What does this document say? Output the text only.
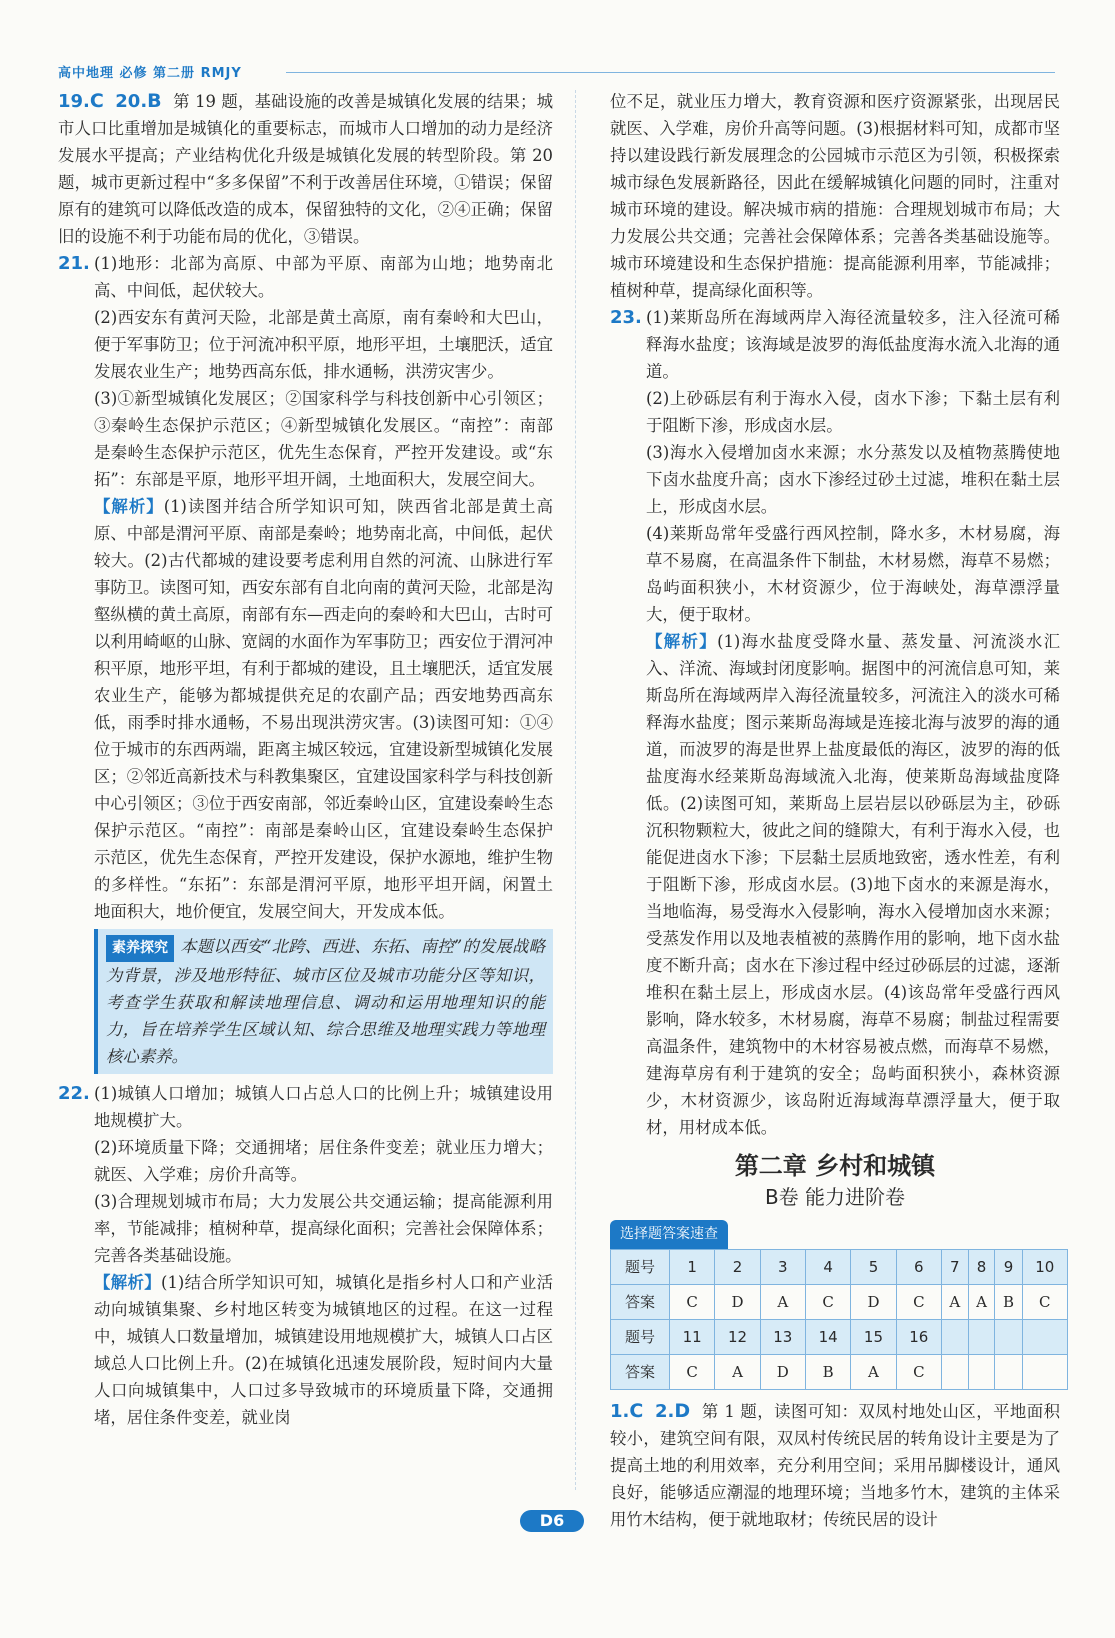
高中地理 必修 第二册 RMJY

19.C 20.B 第 19 题，基础设施的改善是城镇化发展的结果；城市人口比重增加是城镇化的重要标志，而城市人口增加的动力是经济发展水平提高；产业结构优化升级是城镇化发展的转型阶段。第 20 题，城市更新过程中“多多保留”不利于改善居住环境，①错误；保留原有的建筑可以降低改造的成本，保留独特的文化，②④正确；保留旧的设施不利于功能布局的优化，③错误。

21. (1)地形：北部为高原、中部为平原、南部为山地；地势南北高、中间低，起伏较大。

(2)西安东有黄河天险，北部是黄土高原，南有秦岭和大巴山，便于军事防卫；位于河流冲积平原，地形平坦，土壤肥沃，适宜发展农业生产；地势西高东低，排水通畅，洪涝灾害少。

(3)①新型城镇化发展区；②国家科学与科技创新中心引领区；③秦岭生态保护示范区；④新型城镇化发展区。“南控”：南部是秦岭生态保护示范区，优先生态保育，严控开发建设。或“东拓”：东部是平原，地形平坦开阔，土地面积大，发展空间大。

【解析】(1)读图并结合所学知识可知，陕西省北部是黄土高原、中部是渭河平原、南部是秦岭；地势南北高，中间低，起伏较大。(2)古代都城的建设要考虑利用自然的河流、山脉进行军事防卫。读图可知，西安东部有自北向南的黄河天险，北部是沟壑纵横的黄土高原，南部有东—西走向的秦岭和大巴山，古时可以利用崎岖的山脉、宽阔的水面作为军事防卫；西安位于渭河冲积平原，地形平坦，有利于都城的建设，且土壤肥沃，适宜发展农业生产，能够为都城提供充足的农副产品；西安地势西高东低，雨季时排水通畅，不易出现洪涝灾害。(3)读图可知：①④位于城市的东西两端，距离主城区较远，宜建设新型城镇化发展区；②邻近高新技术与科教集聚区，宜建设国家科学与科技创新中心引领区；③位于西安南部，邻近秦岭山区，宜建设秦岭生态保护示范区。“南控”：南部是秦岭山区，宜建设秦岭生态保护示范区，优先生态保育，严控开发建设，保护水源地，维护生物的多样性。“东拓”：东部是渭河平原，地形平坦开阔，闲置土地面积大，地价便宜，发展空间大，开发成本低。

素养探究 本题以西安“北跨、西进、东拓、南控”的发展战略为背景，涉及地形特征、城市区位及城市功能分区等知识，考查学生获取和解读地理信息、调动和运用地理知识的能力，旨在培养学生区域认知、综合思维及地理实践力等地理核心素养。
22. (1)城镇人口增加；城镇人口占总人口的比例上升；城镇建设用地规模扩大。

(2)环境质量下降；交通拥堵；居住条件变差；就业压力增大；就医、入学难；房价升高等。

(3)合理规划城市布局；大力发展公共交通运输；提高能源利用率，节能减排；植树种草，提高绿化面积；完善社会保障体系；完善各类基础设施。

【解析】(1)结合所学知识可知，城镇化是指乡村人口和产业活动向城镇集聚、乡村地区转变为城镇地区的过程。在这一过程中，城镇人口数量增加，城镇建设用地规模扩大，城镇人口占区域总人口比例上升。(2)在城镇化迅速发展阶段，短时间内大量人口向城镇集中，人口过多导致城市的环境质量下降，交通拥堵，居住条件变差，就业岗

位不足，就业压力增大，教育资源和医疗资源紧张，出现居民就医、入学难，房价升高等问题。(3)根据材料可知，成都市坚持以建设践行新发展理念的公园城市示范区为引领，积极探索城市绿色发展新路径，因此在缓解城镇化问题的同时，注重对城市环境的建设。解决城市病的措施：合理规划城市布局；大力发展公共交通；完善社会保障体系；完善各类基础设施等。城市环境建设和生态保护措施：提高能源利用率，节能减排；植树种草，提高绿化面积等。

23. (1)莱斯岛所在海域两岸入海径流量较多，注入径流可稀释海水盐度；该海域是波罗的海低盐度海水流入北海的通道。

(2)上砂砾层有利于海水入侵，卤水下渗；下黏土层有利于阻断下渗，形成卤水层。

(3)海水入侵增加卤水来源；水分蒸发以及植物蒸腾使地下卤水盐度升高；卤水下渗经过砂土过滤，堆积在黏土层上，形成卤水层。

(4)莱斯岛常年受盛行西风控制，降水多，木材易腐，海草不易腐，在高温条件下制盐，木材易燃，海草不易燃；岛屿面积狭小，木材资源少，位于海峡处，海草漂浮量大，便于取材。

【解析】(1)海水盐度受降水量、蒸发量、河流淡水汇入、洋流、海域封闭度影响。据图中的河流信息可知，莱斯岛所在海域两岸入海径流量较多，河流注入的淡水可稀释海水盐度；图示莱斯岛海域是连接北海与波罗的海的通道，而波罗的海是世界上盐度最低的海区，波罗的海的低盐度海水经莱斯岛海域流入北海，使莱斯岛海域盐度降低。(2)读图可知，莱斯岛上层岩层以砂砾层为主，砂砾沉积物颗粒大，彼此之间的缝隙大，有利于海水入侵，也能促进卤水下渗；下层黏土层质地致密，透水性差，有利于阻断下渗，形成卤水层。(3)地下卤水的来源是海水，当地临海，易受海水入侵影响，海水入侵增加卤水来源；受蒸发作用以及地表植被的蒸腾作用的影响，地下卤水盐度不断升高；卤水在下渗过程中经过砂砾层的过滤，逐渐堆积在黏土层上，形成卤水层。(4)该岛常年受盛行西风影响，降水较多，木材易腐，海草不易腐；制盐过程需要高温条件，建筑物中的木材容易被点燃，而海草不易燃，建海草房有利于建筑的安全；岛屿面积狭小，森林资源少，木材资源少，该岛附近海域海草漂浮量大，便于取材，用材成本低。

第二章 乡村和城镇
B卷 能力进阶卷
选择题答案速查
题号	1	2	3	4	5	6	7	8	9	10
答案	C	D	A	C	D	C	A	A	B	C
题号	11	12	13	14	15	16				
答案	C	A	D	B	A	C				

1.C 2.D 第 1 题，读图可知：双凤村地处山区，平地面积较小，建筑空间有限，双凤村传统民居的转角设计主要是为了提高土地的利用效率，充分利用空间；采用吊脚楼设计，通风良好，能够适应潮湿的地理环境；当地多竹木，建筑的主体采用竹木结构，便于就地取材；传统民居的设计

D6
